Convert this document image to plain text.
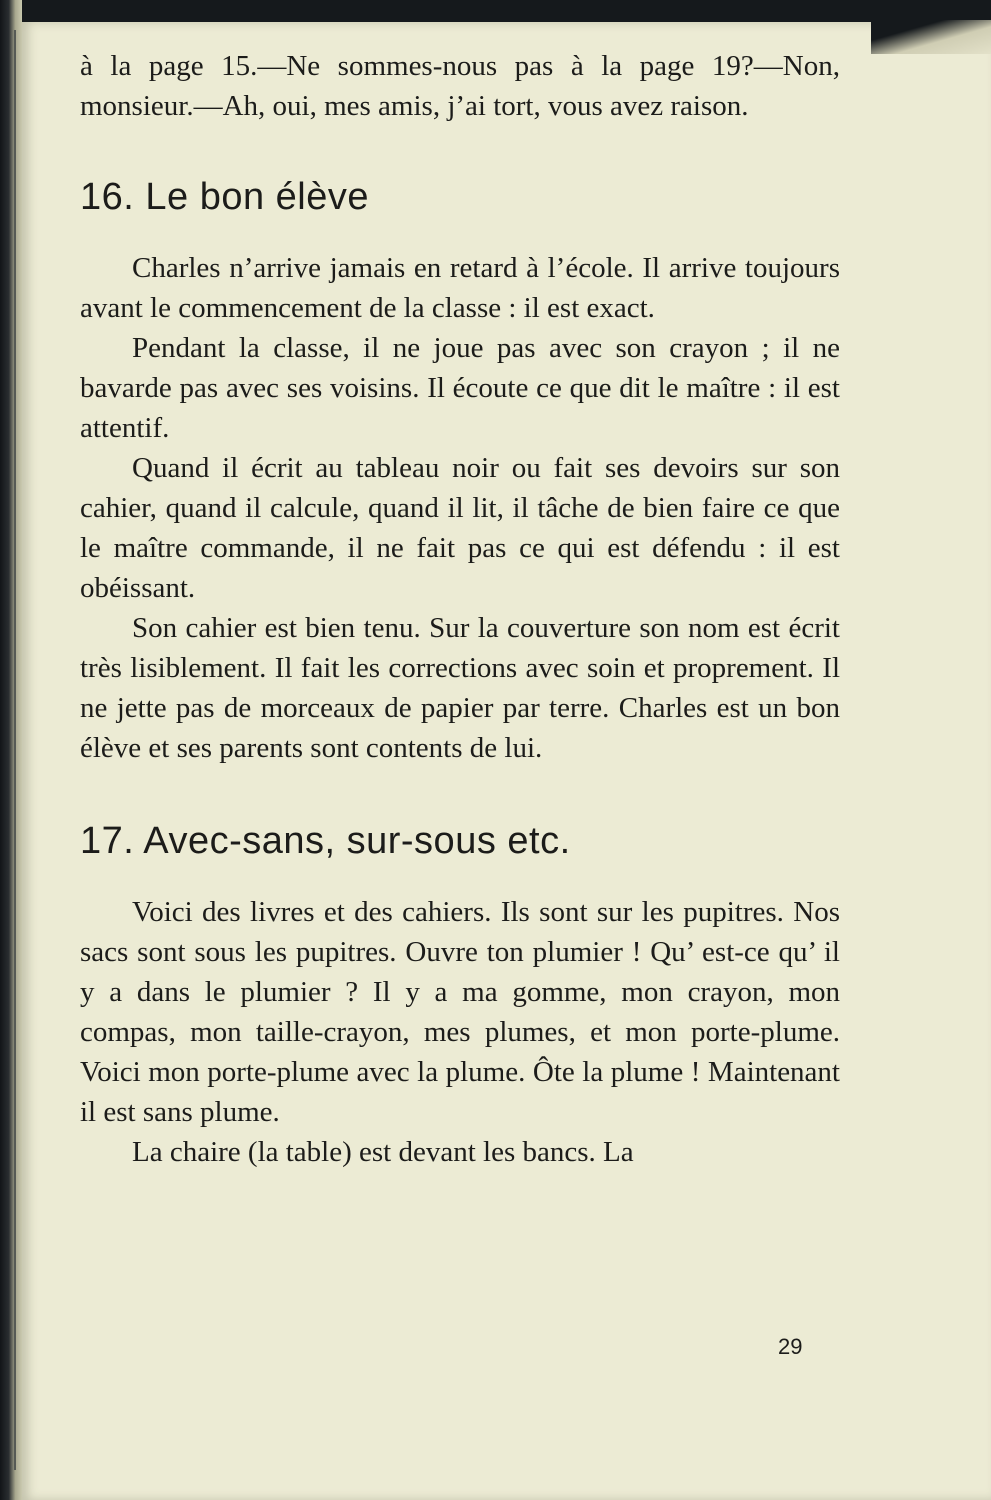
à la page 15.—Ne sommes-nous pas à la page 19?—Non, monsieur.—Ah, oui, mes amis, j’ai tort, vous avez raison.

16. Le bon élève

Charles n’arrive jamais en retard à l’école. Il arrive toujours avant le commencement de la classe : il est exact.

Pendant la classe, il ne joue pas avec son crayon ; il ne bavarde pas avec ses voisins. Il écoute ce que dit le maître : il est attentif.

Quand il écrit au tableau noir ou fait ses devoirs sur son cahier, quand il calcule, quand il lit, il tâche de bien faire ce que le maître commande, il ne fait pas ce qui est défendu : il est obéissant.

Son cahier est bien tenu. Sur la couverture son nom est écrit très lisiblement. Il fait les corrections avec soin et proprement. Il ne jette pas de morceaux de papier par terre. Charles est un bon élève et ses parents sont contents de lui.

17. Avec-sans, sur-sous etc.

Voici des livres et des cahiers. Ils sont sur les pupitres. Nos sacs sont sous les pupitres. Ouvre ton plumier ! Qu’ est-ce qu’ il y a dans le plumier ? Il y a ma gomme, mon crayon, mon compas, mon taille-crayon, mes plumes, et mon porte-plume. Voici mon porte-plume avec la plume. Ôte la plume ! Maintenant il est sans plume.

La chaire (la table) est devant les bancs. La

29
